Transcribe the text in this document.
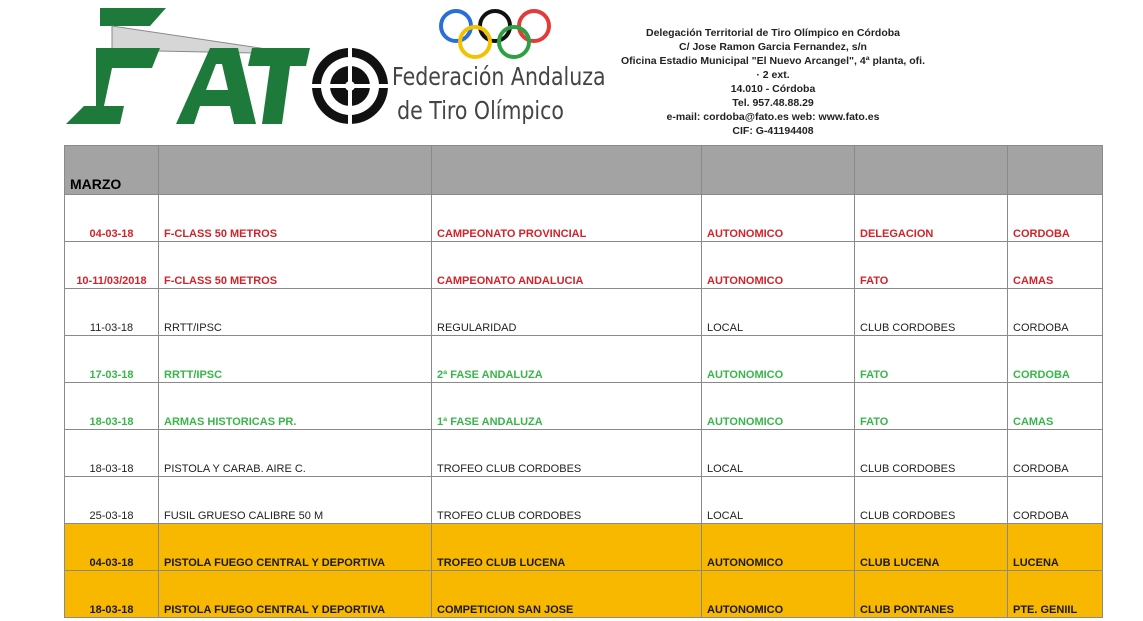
Federación Andaluza
de Tiro Olímpico
Delegación Territorial de Tiro Olímpico en Córdoba
C/ Jose Ramon Garcia Fernandez, s/n
Oficina Estadio Municipal "El Nuevo Arcangel", 4ª planta, ofi.
· 2 ext.
14.010 - Córdoba
Tel. 957.48.88.29
e-mail: cordoba@fato.es web: www.fato.es
CIF: G-41194408
MARZO					
04-03-18	F-CLASS 50 METROS	CAMPEONATO PROVINCIAL	AUTONOMICO	DELEGACION	CORDOBA
10-11/03/2018	F-CLASS 50 METROS	CAMPEONATO ANDALUCIA	AUTONOMICO	FATO	CAMAS
11-03-18	RRTT/IPSC	REGULARIDAD	LOCAL	CLUB CORDOBES	CORDOBA
17-03-18	RRTT/IPSC	2ª FASE ANDALUZA	AUTONOMICO	FATO	CORDOBA
18-03-18	ARMAS HISTORICAS PR.	1ª FASE ANDALUZA	AUTONOMICO	FATO	CAMAS
18-03-18	PISTOLA Y CARAB. AIRE C.	TROFEO CLUB CORDOBES	LOCAL	CLUB CORDOBES	CORDOBA
25-03-18	FUSIL GRUESO CALIBRE 50 M	TROFEO CLUB CORDOBES	LOCAL	CLUB CORDOBES	CORDOBA
04-03-18	PISTOLA FUEGO CENTRAL Y DEPORTIVA	TROFEO CLUB LUCENA	AUTONOMICO	CLUB LUCENA	LUCENA
18-03-18	PISTOLA FUEGO CENTRAL Y DEPORTIVA	COMPETICION SAN JOSE	AUTONOMICO	CLUB PONTANES	PTE. GENIIL
